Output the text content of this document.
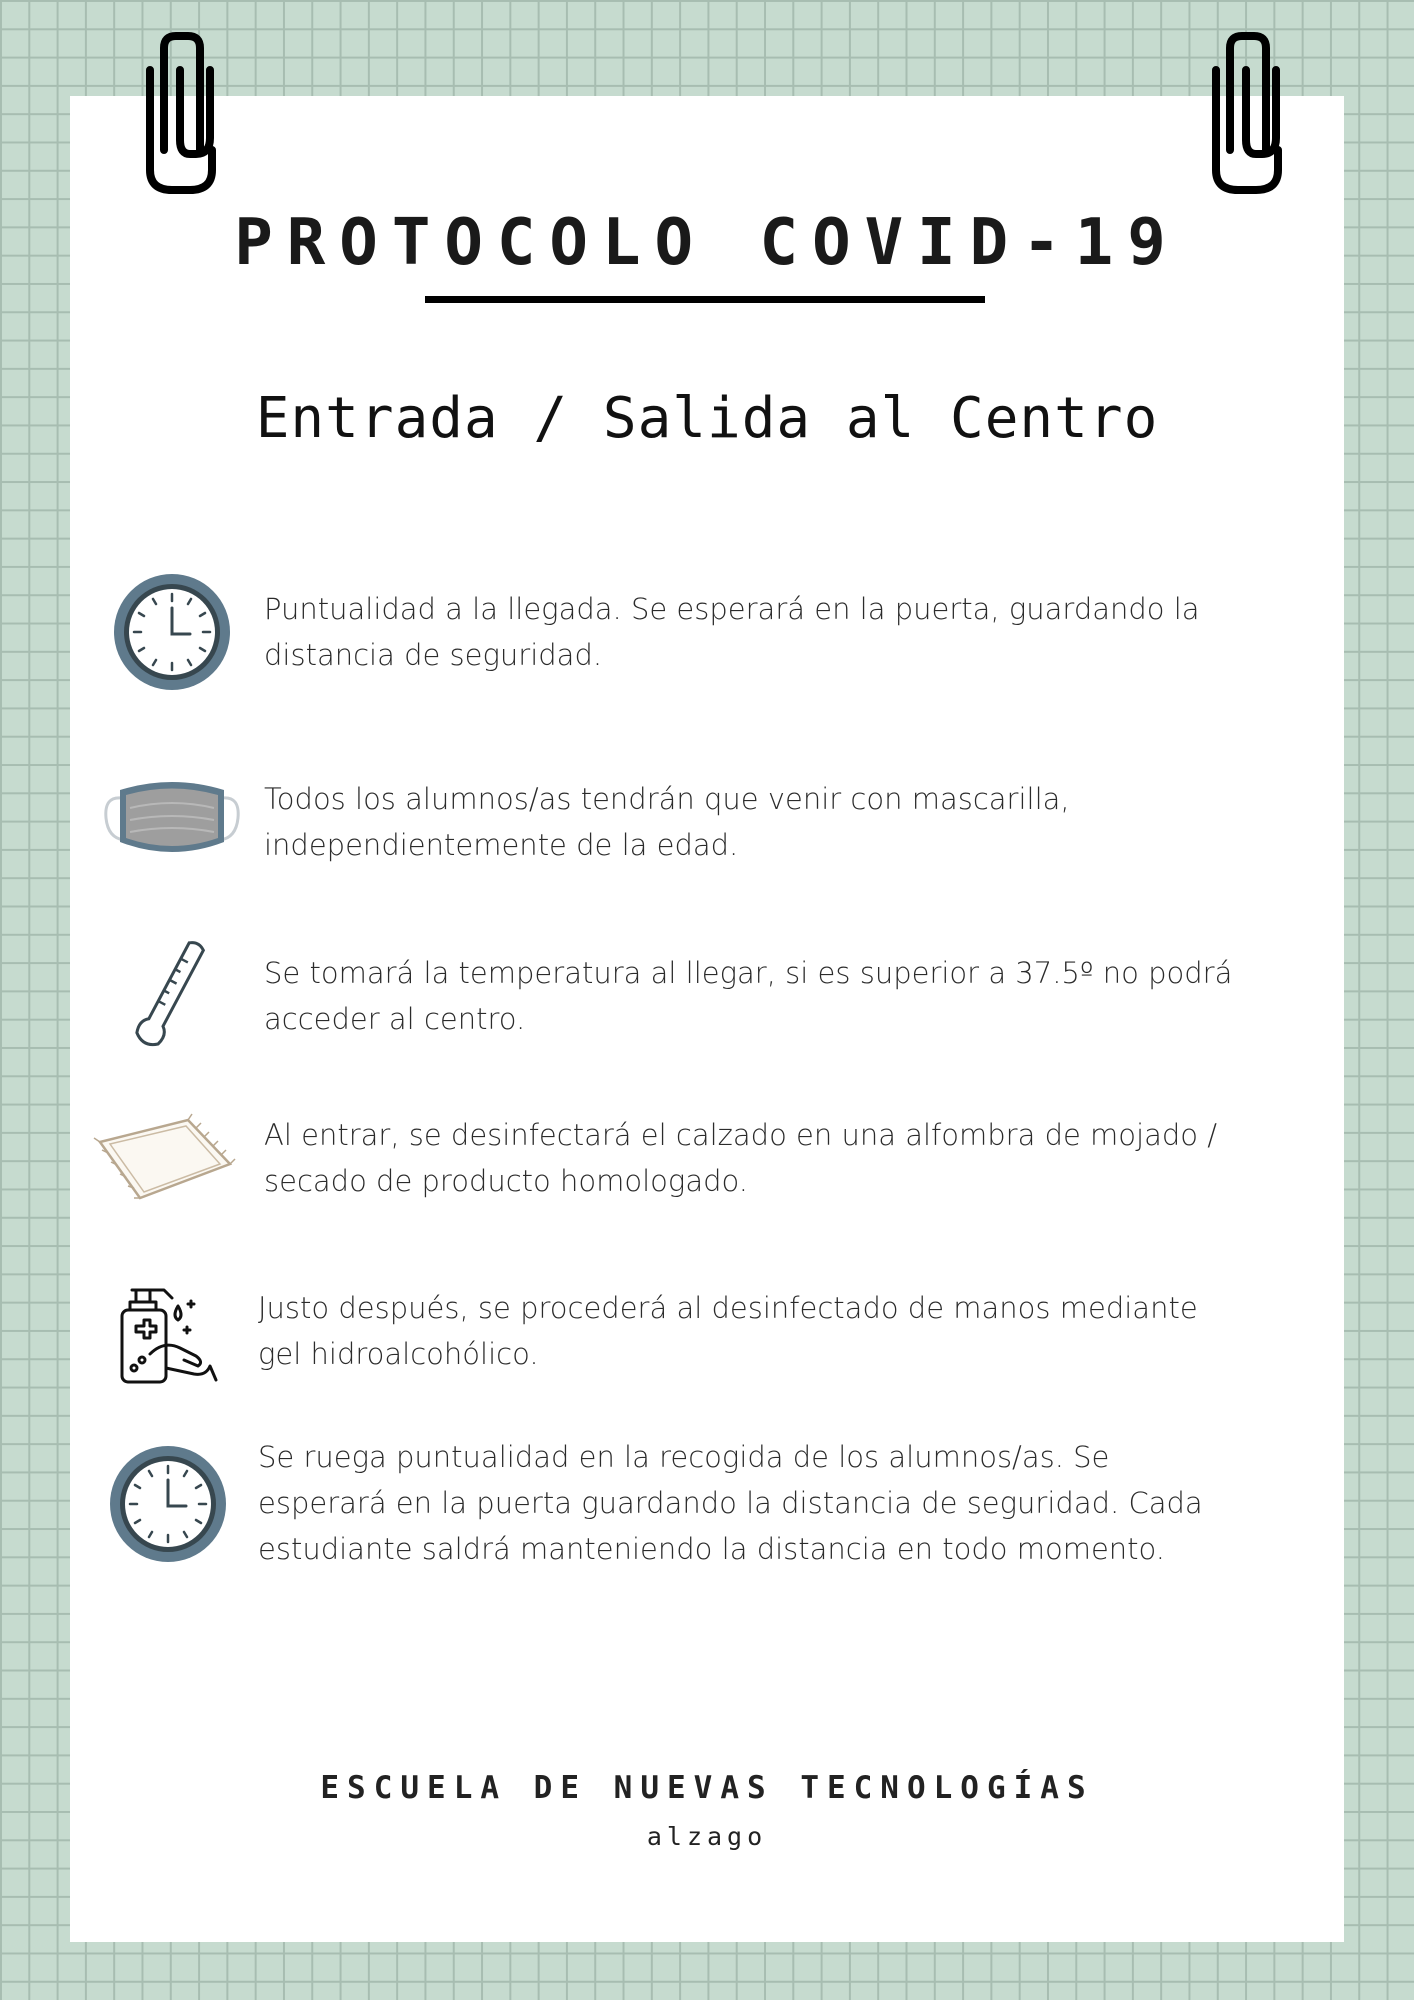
PROTOCOLO COVID-19
Entrada / Salida al Centro
Puntualidad a la llegada. Se esperará en la puerta, guardando la
distancia de seguridad.
Todos los alumnos/as tendrán que venir con mascarilla,
independientemente de la edad.
Se tomará la temperatura al llegar, si es superior a 37.5º no podrá
acceder al centro.
Al entrar, se desinfectará el calzado en una alfombra de mojado /
secado de producto homologado.
Justo después, se procederá al desinfectado de manos mediante
gel hidroalcohólico.
Se ruega puntualidad en la recogida de los alumnos/as. Se
esperará en la puerta guardando la distancia de seguridad. Cada
estudiante saldrá manteniendo la distancia en todo momento.
ESCUELA DE NUEVAS TECNOLOGÍAS
alzago
